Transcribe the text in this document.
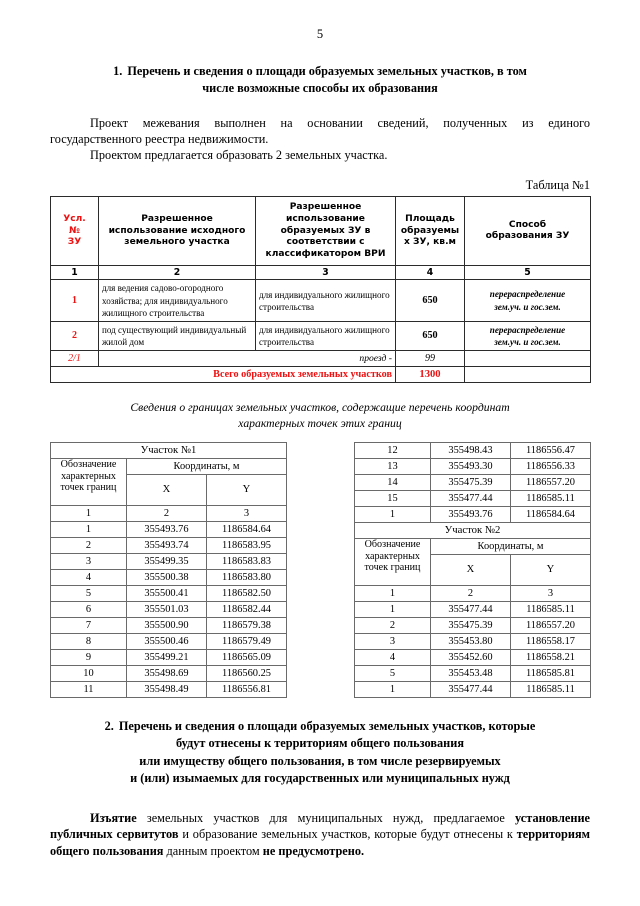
5
1. Перечень и сведения о площади образуемых земельных участков, в том
числе возможные способы их образования

Проект межевания выполнен на основании сведений, полученных из единого государственного реестра недвижимости.

Проектом предлагается образовать 2 земельных участка.

Таблица №1
Усл.
№
ЗУ	Разрешенное
использование исходного
земельного участка	Разрешенное
использование
образуемых ЗУ в
соответствии с
классификатором ВРИ	Площадь
образуемы
х ЗУ, кв.м	Способ
образования ЗУ
1	2	3	4	5
1	для ведения садово-огородного хозяйства; для индивидуального жилищного строительства	для индивидуального жилищного строительства	650	перераспределение
зем.уч. и гос.зем.
2	под существующий индивидуальный жилой дом	для индивидуального жилищного строительства	650	перераспределение
зем.уч. и гос.зем.
2/1	проезд -		99	
Всего образуемых земельных участков			1300	
Сведения о границах земельных участков, содержащие перечень координат
характерных точек этих границ
Участок №1		
Обозначение
характерных
точек границ	Координаты, м	
	X	Y
1	2	3
1	355493.76	1186584.64
2	355493.74	1186583.95
3	355499.35	1186583.83
4	355500.38	1186583.80
5	355500.41	1186582.50
6	355501.03	1186582.44
7	355500.90	1186579.38
8	355500.46	1186579.49
9	355499.21	1186565.09
10	355498.69	1186560.25
11	355498.49	1186556.81
12	355498.43	1186556.47
13	355493.30	1186556.33
14	355475.39	1186557.20
15	355477.44	1186585.11
1	355493.76	1186584.64
Участок №2		
Обозначение
характерных
точек границ	Координаты, м	
	X	Y
1	2	3
1	355477.44	1186585.11
2	355475.39	1186557.20
3	355453.80	1186558.17
4	355452.60	1186558.21
5	355453.48	1186585.81
1	355477.44	1186585.11
2. Перечень и сведения о площади образуемых земельных участков, которые
будут отнесены к территориям общего пользования
или имуществу общего пользования, в том числе резервируемых
и (или) изымаемых для государственных или муниципальных нужд

Изъятие земельных участков для муниципальных нужд, предлагаемое установление публичных сервитутов и образование земельных участков, которые будут отнесены к территориям общего пользования данным проектом не предусмотрено.
